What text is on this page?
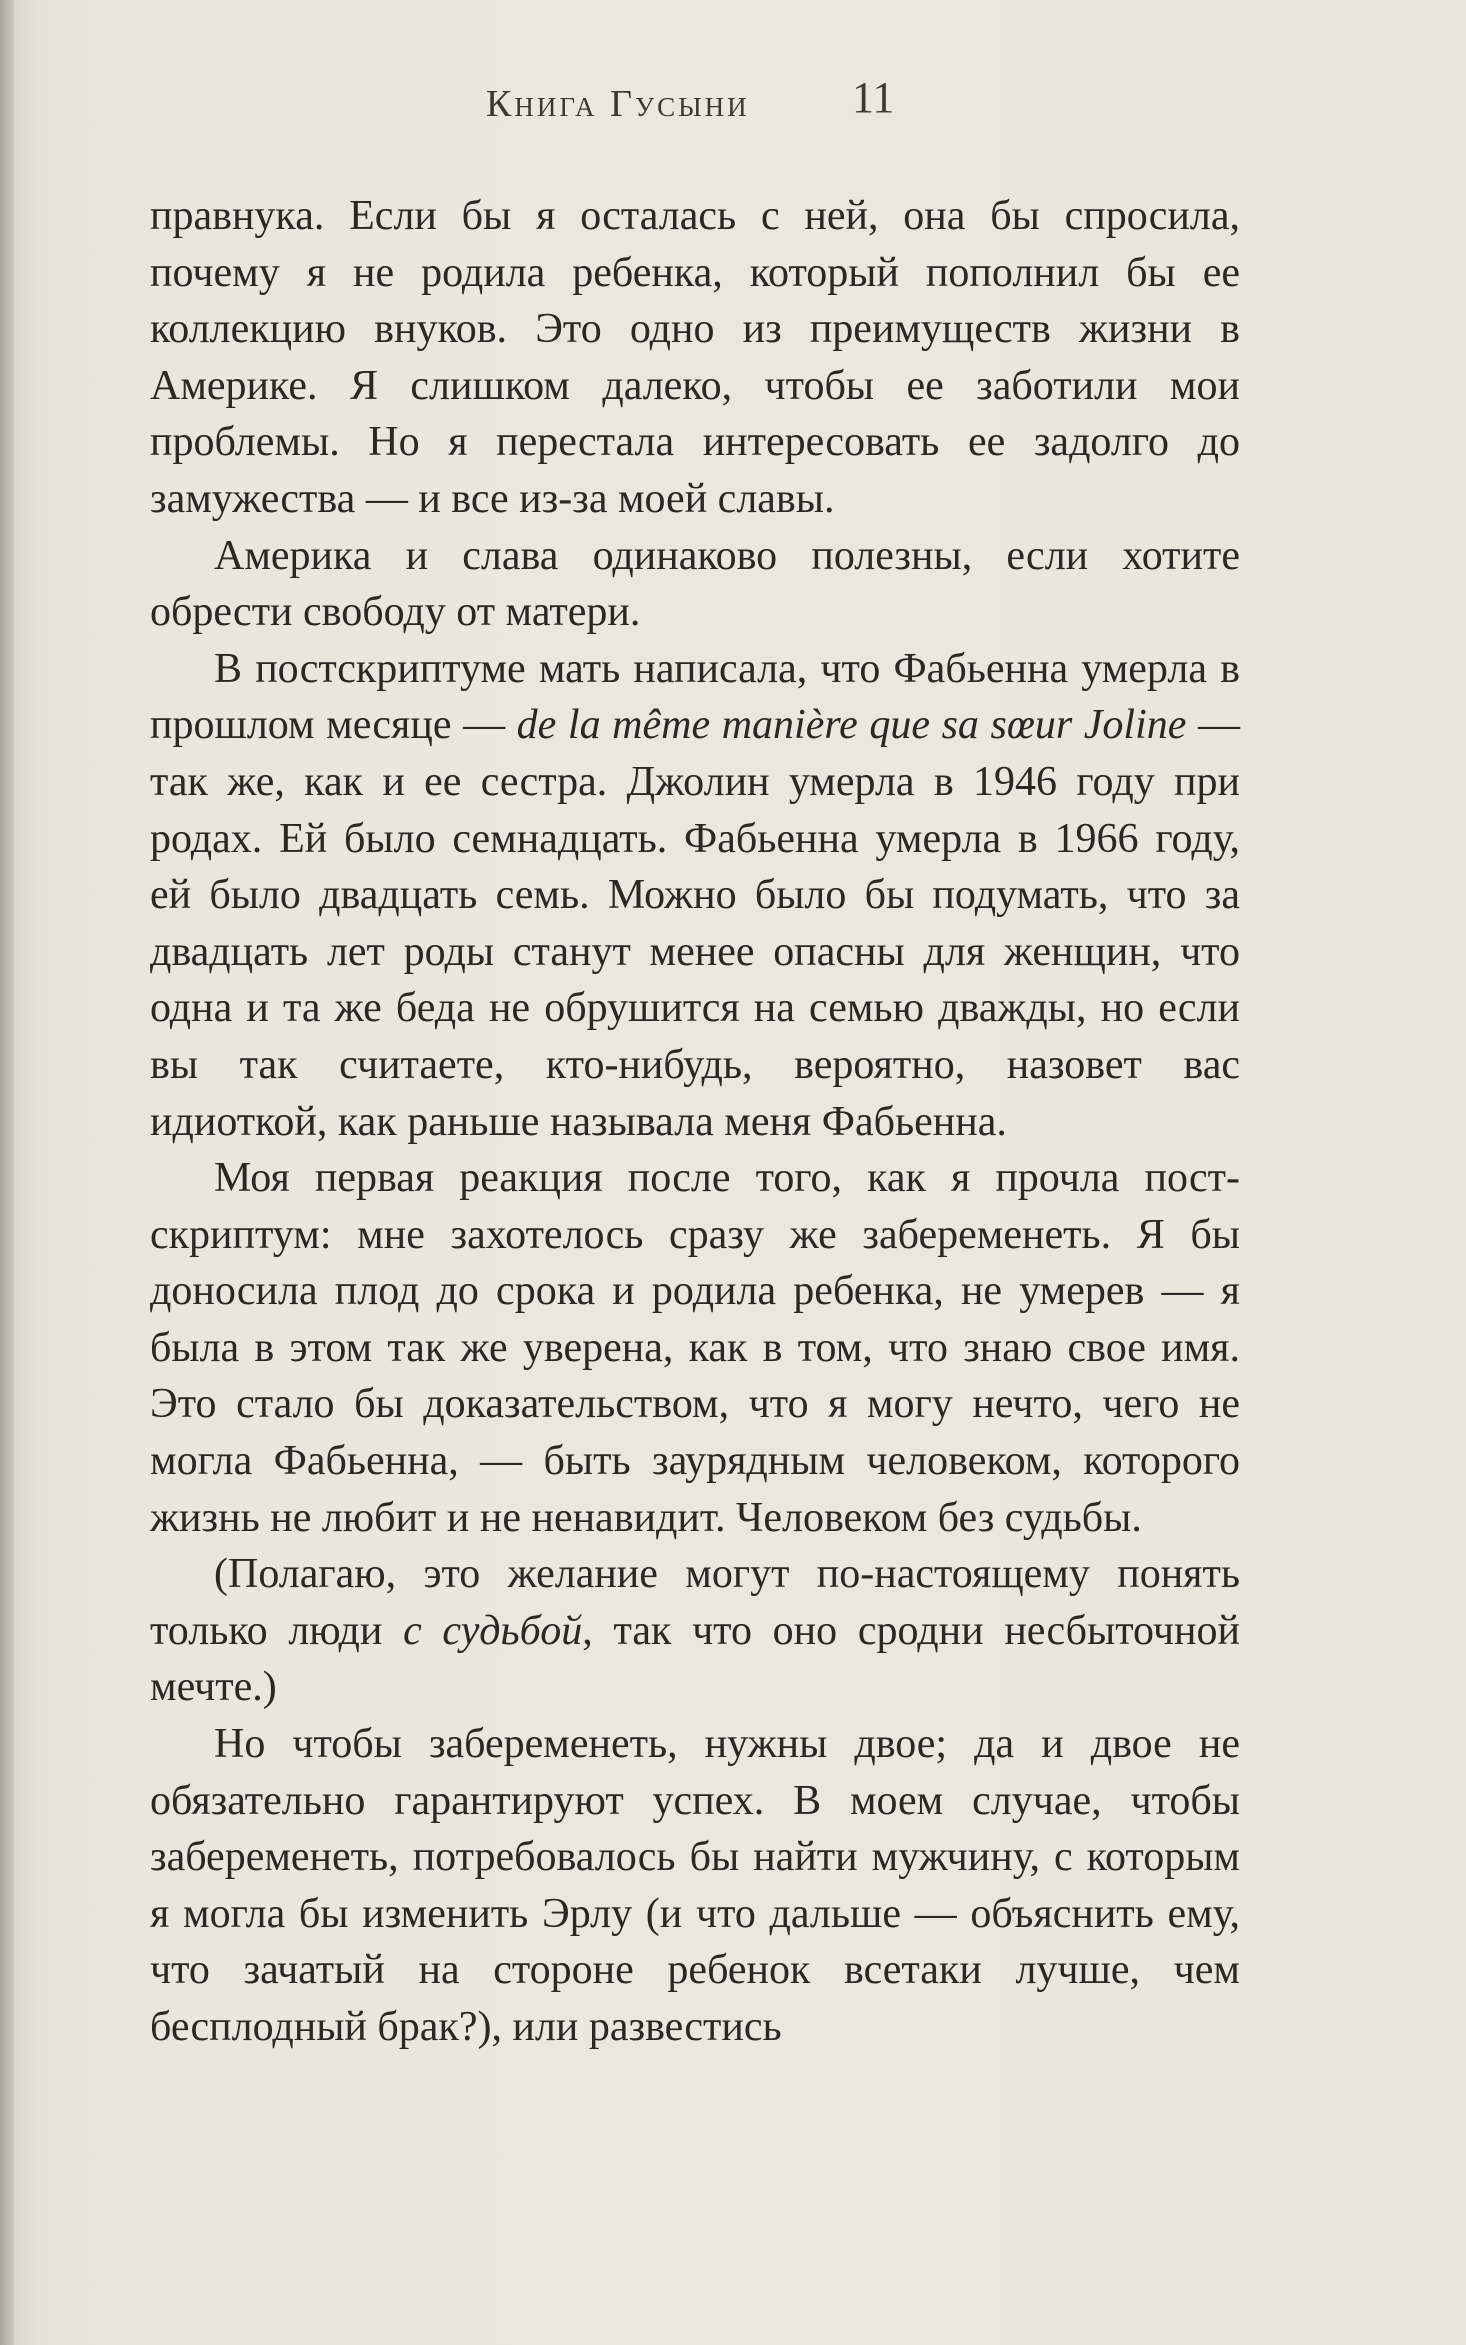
Книга Гусыни 11

правнука. Если бы я осталась с ней, она бы спросила, почему я не родила ребенка, который пополнил бы ее коллекцию внуков. Это одно из преимуществ жизни в Америке. Я слишком далеко, чтобы ее заботили мои проблемы. Но я перестала интересовать ее задолго до замужества — и все из-за моей славы.

Америка и слава одинаково полезны, если хотите обрести свободу от матери.

В постскриптуме мать написала, что Фабьенна умерла в прошлом месяце — de la même manière que sa sœur Joline — так же, как и ее сестра. Джолин умерла в 1946 году при родах. Ей было семнадцать. Фабьенна умерла в 1966 году, ей было двадцать семь. Можно было бы подумать, что за двадцать лет роды станут менее опасны для женщин, что одна и та же беда не обрушится на семью дважды, но если вы так считаете, кто-нибудь, вероятно, назовет вас идиоткой, как раньше называла меня Фабьенна.

Моя первая реакция после того, как я прочла постскриптум: мне захотелось сразу же забеременеть. Я бы доносила плод до срока и родила ребенка, не умерев — я была в этом так же уверена, как в том, что знаю свое имя. Это стало бы доказательством, что я могу нечто, чего не могла Фабьенна, — быть заурядным человеком, которого жизнь не любит и не ненавидит. Человеком без судьбы.

(Полагаю, это желание могут по-настоящему понять только люди с судьбой, так что оно сродни несбыточной мечте.)

Но чтобы забеременеть, нужны двое; да и двое не обязательно гарантируют успех. В моем случае, чтобы забеременеть, потребовалось бы найти мужчину, с которым я могла бы изменить Эрлу (и что дальше — объяснить ему, что зачатый на стороне ребенок всетаки лучше, чем бесплодный брак?), или развестись
